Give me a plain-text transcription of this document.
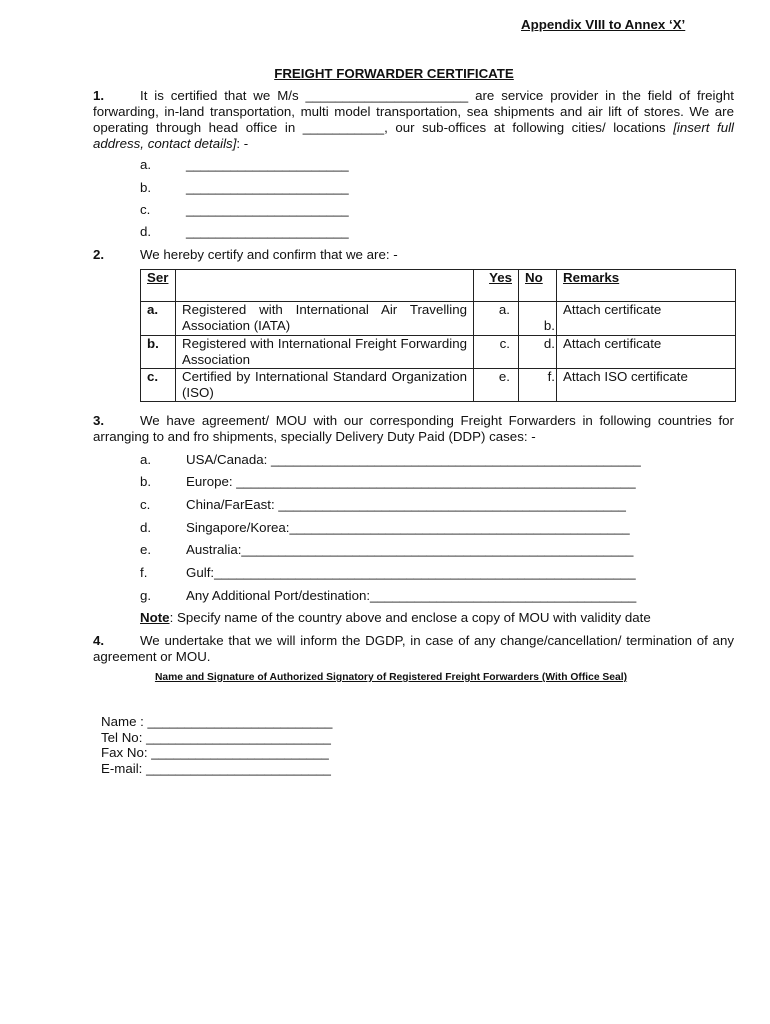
Appendix VIII to Annex ‘X’
FREIGHT FORWARDER CERTIFICATE
1.	It is certified that we M/s ______________________ are service provider in the field of freight forwarding, in-land transportation, multi model transportation, sea shipments and air lift of stores. We are operating through head office in ___________, our sub-offices at following cities/ locations [insert full address, contact details]: -
a.	______________________
b.	______________________
c.	______________________
d.	______________________
2.	We hereby certify and confirm that we are: -
Ser		Yes	No	Remarks
a.	Registered with International Air Travelling Association (IATA)	a.	b.	Attach certificate
b.	Registered with International Freight Forwarding Association	c.	d.	Attach certificate
c.	Certified by International Standard Organization (ISO)	e.	f.	Attach ISO certificate
3.	We have agreement/ MOU with our corresponding Freight Forwarders in following countries for arranging to and fro shipments, specially Delivery Duty Paid (DDP) cases: -
a.	USA/Canada: __________________________________________________
b.	Europe: ______________________________________________________
c.	China/FarEast: _______________________________________________
d.	Singapore/Korea:______________________________________________
e.	Australia:_____________________________________________________
f.	Gulf:_________________________________________________________
g.	Any Additional Port/destination:____________________________________
Note: Specify name of the country above and enclose a copy of MOU with validity date
4.	We undertake that we will inform the DGDP, in case of any change/cancellation/ termination of any agreement or MOU.
Name and Signature of Authorized Signatory of Registered Freight Forwarders (With Office Seal)
Name : _________________________
Tel No: _________________________
Fax No: ________________________
E-mail: _________________________
